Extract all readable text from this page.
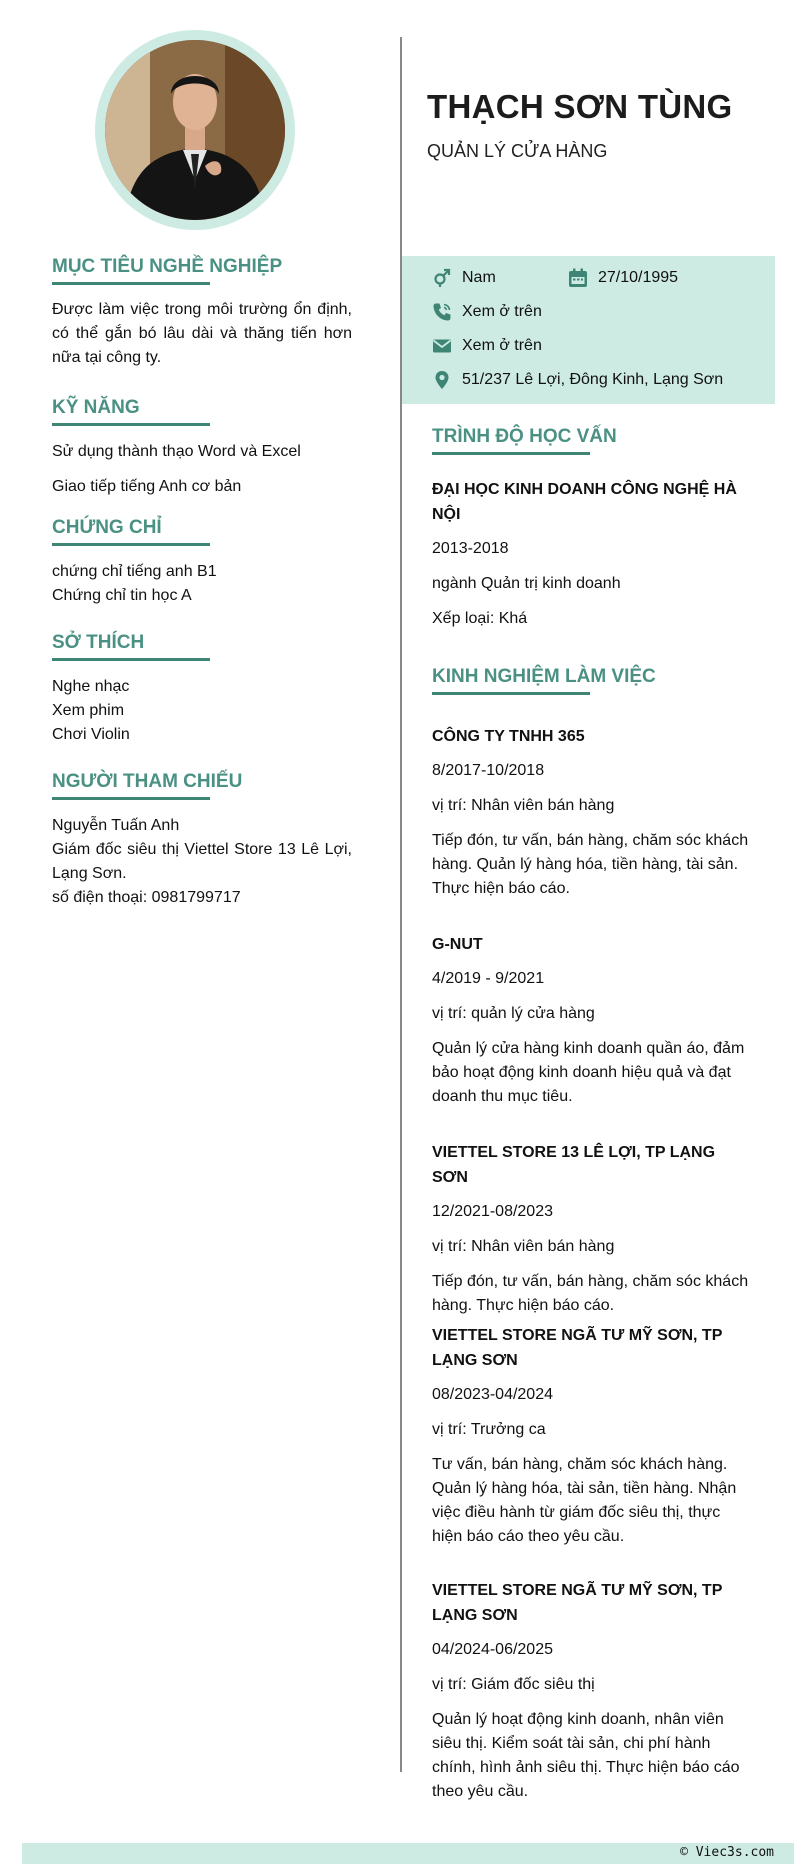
MỤC TIÊU NGHỀ NGHIỆP

Được làm việc trong môi trường ổn định, có thể gắn bó lâu dài và thăng tiến hơn nữa tại công ty.

KỸ NĂNG

Sử dụng thành thạo Word và Excel

Giao tiếp tiếng Anh cơ bản

CHỨNG CHỈ

chứng chỉ tiếng anh B1

Chứng chỉ tin học A

SỞ THÍCH

Nghe nhạc

Xem phim

Chơi Violin

NGƯỜI THAM CHIẾU

Nguyễn Tuấn Anh

Giám đốc siêu thị Viettel Store 13 Lê Lợi, Lạng Sơn.

số điện thoại: 0981799717

THẠCH SƠN TÙNG

QUẢN LÝ CỬA HÀNG

Nam	27/10/1995
Xem ở trên
Xem ở trên
51/237 Lê Lợi, Đông Kinh, Lạng Sơn
TRÌNH ĐỘ HỌC VẤN

ĐẠI HỌC KINH DOANH CÔNG NGHỆ HÀ NỘI

2013-2018

ngành Quản trị kinh doanh

Xếp loại: Khá

KINH NGHIỆM LÀM VIỆC

CÔNG TY TNHH 365

8/2017-10/2018

vị trí: Nhân viên bán hàng

Tiếp đón, tư vấn, bán hàng, chăm sóc khách hàng. Quản lý hàng hóa, tiền hàng, tài sản. Thực hiện báo cáo.

G-NUT

4/2019 - 9/2021

vị trí: quản lý cửa hàng

Quản lý cửa hàng kinh doanh quần áo, đảm bảo hoạt động kinh doanh hiệu quả và đạt doanh thu mục tiêu.

VIETTEL STORE 13 LÊ LỢI, TP LẠNG SƠN

12/2021-08/2023

vị trí: Nhân viên bán hàng

Tiếp đón, tư vấn, bán hàng, chăm sóc khách hàng. Thực hiện báo cáo.

VIETTEL STORE NGÃ TƯ MỸ SƠN, TP LẠNG SƠN

08/2023-04/2024

vị trí: Trưởng ca

Tư vấn, bán hàng, chăm sóc khách hàng. Quản lý hàng hóa, tài sản, tiền hàng. Nhận việc điều hành từ giám đốc siêu thị, thực hiện báo cáo theo yêu cầu.

VIETTEL STORE NGÃ TƯ MỸ SƠN, TP LẠNG SƠN

04/2024-06/2025

vị trí: Giám đốc siêu thị

Quản lý hoạt động kinh doanh, nhân viên siêu thị. Kiểm soát tài sản, chi phí hành chính, hình ảnh siêu thị. Thực hiện báo cáo theo yêu cầu.

© Viec3s.com
